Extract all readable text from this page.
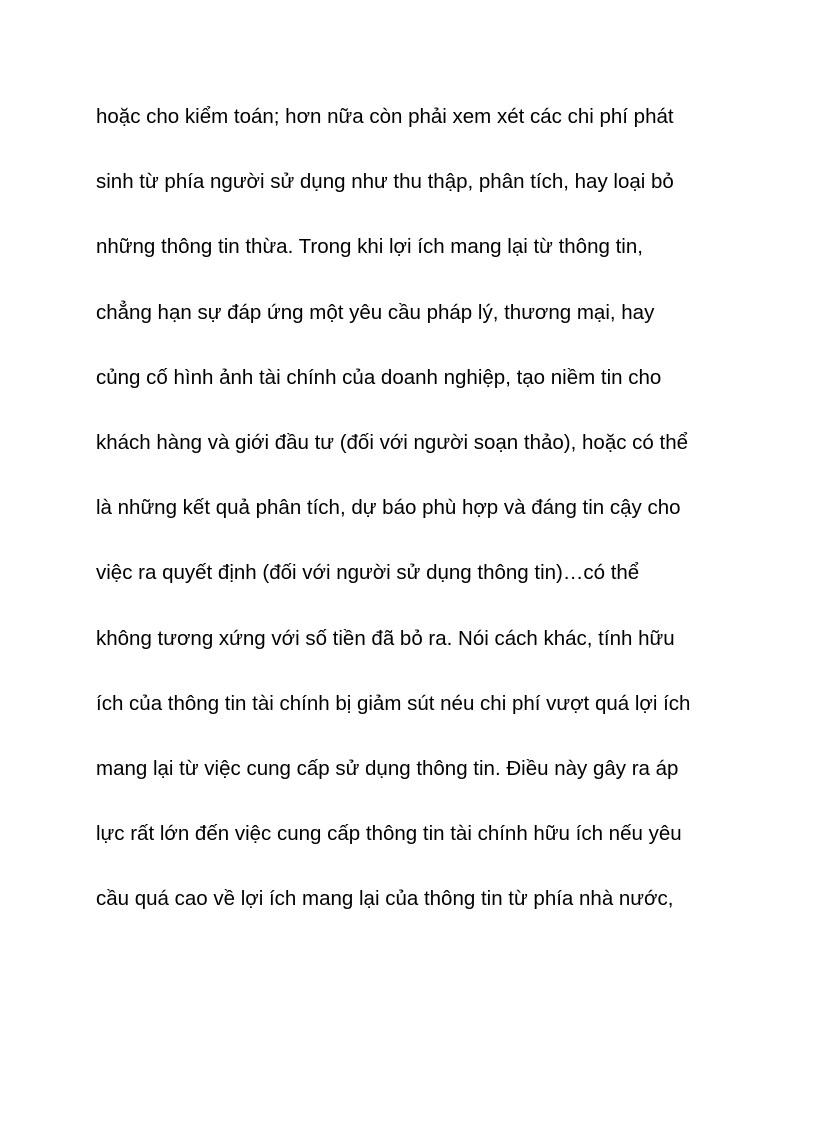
hoặc cho kiểm toán; hơn nữa còn phải xem xét các chi phí phát
sinh từ phía người sử dụng như thu thập, phân tích, hay loại bỏ
những thông tin thừa. Trong khi lợi ích mang lại từ thông tin,
chẳng hạn sự đáp ứng một yêu cầu pháp lý, thương mại, hay
củng cố hình ảnh tài chính của doanh nghiệp, tạo niềm tin cho
khách hàng và giới đầu tư (đối với người soạn thảo), hoặc có thể
là những kết quả phân tích, dự báo phù hợp và đáng tin cậy cho
việc ra quyết định (đối với người sử dụng thông tin)…có thể
không tương xứng với số tiền đã bỏ ra. Nói cách khác, tính hữu
ích của thông tin tài chính bị giảm sút néu chi phí vượt quá lợi ích
mang lại từ việc cung cấp sử dụng thông tin. Điều này gây ra áp
lực rất lớn đến việc cung cấp thông tin tài chính hữu ích nếu yêu
cầu quá cao về lợi ích mang lại của thông tin từ phía nhà nước,
